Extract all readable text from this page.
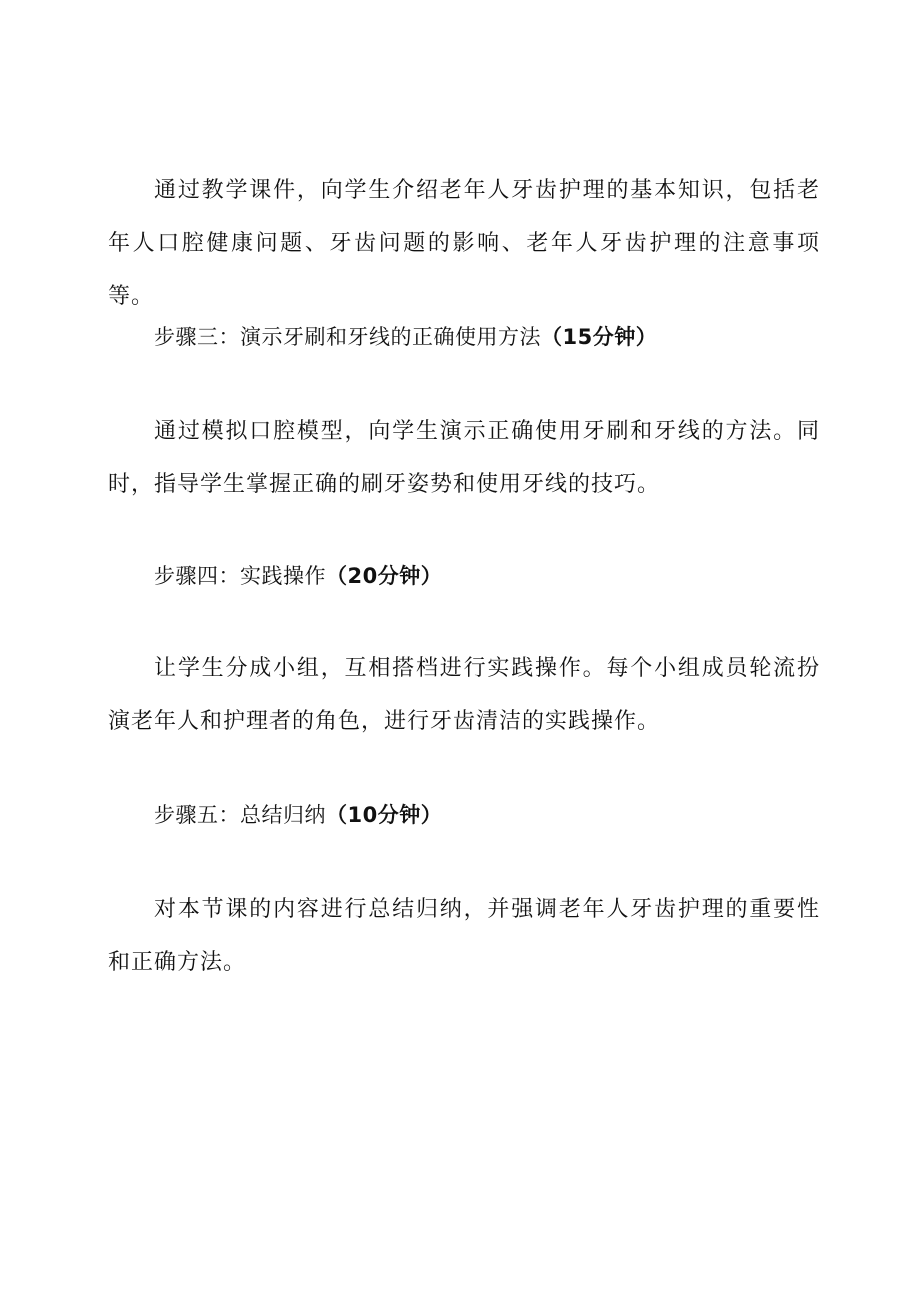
通过教学课件，向学生介绍老年人牙齿护理的基本知识，包括老年人口腔健康问题、牙齿问题的影响、老年人牙齿护理的注意事项等。

步骤三：演示牙刷和牙线的正确使用方法（15分钟）

通过模拟口腔模型，向学生演示正确使用牙刷和牙线的方法。同时，指导学生掌握正确的刷牙姿势和使用牙线的技巧。

步骤四：实践操作（20分钟）

让学生分成小组，互相搭档进行实践操作。每个小组成员轮流扮演老年人和护理者的角色，进行牙齿清洁的实践操作。

步骤五：总结归纳（10分钟）

对本节课的内容进行总结归纳，并强调老年人牙齿护理的重要性和正确方法。
